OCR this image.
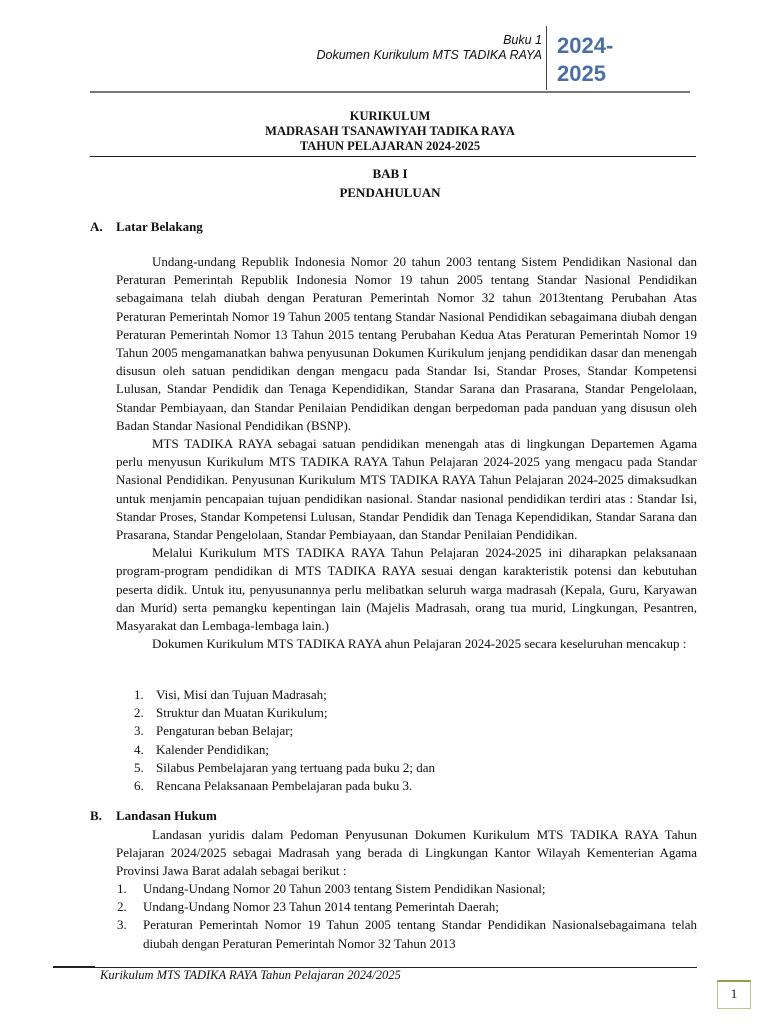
Buku 1
Dokumen Kurikulum MTS TADIKA RAYA 2024-
2025
KURIKULUM
MADRASAH TSANAWIYAH TADIKA RAYA
TAHUN PELAJARAN 2024-2025
BAB I
PENDAHULUAN
A. Latar Belakang

Undang-undang Republik Indonesia Nomor 20 tahun 2003 tentang Sistem Pendidikan Nasional dan Peraturan Pemerintah Republik Indonesia Nomor 19 tahun 2005 tentang Standar Nasional Pendidikan sebagaimana telah diubah dengan Peraturan Pemerintah Nomor 32 tahun 2013tentang Perubahan Atas Peraturan Pemerintah Nomor 19 Tahun 2005 tentang Standar Nasional Pendidikan sebagaimana diubah dengan Peraturan Pemerintah Nomor 13 Tahun 2015 tentang Perubahan Kedua Atas Peraturan Pemerintah Nomor 19 Tahun 2005 mengamanatkan bahwa penyusunan Dokumen Kurikulum jenjang pendidikan dasar dan menengah disusun oleh satuan pendidikan dengan mengacu pada Standar Isi, Standar Proses, Standar Kompetensi Lulusan, Standar Pendidik dan Tenaga Kependidikan, Standar Sarana dan Prasarana, Standar Pengelolaan, Standar Pembiayaan, dan Standar Penilaian Pendidikan dengan berpedoman pada panduan yang disusun oleh Badan Standar Nasional Pendidikan (BSNP).

MTS TADIKA RAYA sebagai satuan pendidikan menengah atas di lingkungan Departemen Agama perlu menyusun Kurikulum MTS TADIKA RAYA Tahun Pelajaran 2024-2025 yang mengacu pada Standar Nasional Pendidikan. Penyusunan Kurikulum MTS TADIKA RAYA Tahun Pelajaran 2024-2025 dimaksudkan untuk menjamin pencapaian tujuan pendidikan nasional. Standar nasional pendidikan terdiri atas : Standar Isi, Standar Proses, Standar Kompetensi Lulusan, Standar Pendidik dan Tenaga Kependidikan, Standar Sarana dan Prasarana, Standar Pengelolaan, Standar Pembiayaan, dan Standar Penilaian Pendidikan.

Melalui Kurikulum MTS TADIKA RAYA Tahun Pelajaran 2024-2025 ini diharapkan pelaksanaan program-program pendidikan di MTS TADIKA RAYA sesuai dengan karakteristik potensi dan kebutuhan peserta didik. Untuk itu, penyusunannya perlu melibatkan seluruh warga madrasah (Kepala, Guru, Karyawan dan Murid) serta pemangku kepentingan lain (Majelis Madrasah, orang tua murid, Lingkungan, Pesantren, Masyarakat dan Lembaga-lembaga lain.)

Dokumen Kurikulum MTS TADIKA RAYA ahun Pelajaran 2024-2025 secara keseluruhan mencakup :

1. Visi, Misi dan Tujuan Madrasah;
2. Struktur dan Muatan Kurikulum;
3. Pengaturan beban Belajar;
4. Kalender Pendidikan;
5. Silabus Pembelajaran yang tertuang pada buku 2; dan
6. Rencana Pelaksanaan Pembelajaran pada buku 3.
B. Landasan Hukum

Landasan yuridis dalam Pedoman Penyusunan Dokumen Kurikulum MTS TADIKA RAYA Tahun Pelajaran 2024/2025 sebagai Madrasah yang berada di Lingkungan Kantor Wilayah Kementerian Agama Provinsi Jawa Barat adalah sebagai berikut :

1. Undang-Undang Nomor 20 Tahun 2003 tentang Sistem Pendidikan Nasional;
2. Undang-Undang Nomor 23 Tahun 2014 tentang Pemerintah Daerah;
3. Peraturan Pemerintah Nomor 19 Tahun 2005 tentang Standar Pendidikan Nasionalsebagaimana telah diubah dengan Peraturan Pemerintah Nomor 32 Tahun 2013
Kurikulum MTS TADIKA RAYA Tahun Pelajaran 2024/2025
1
